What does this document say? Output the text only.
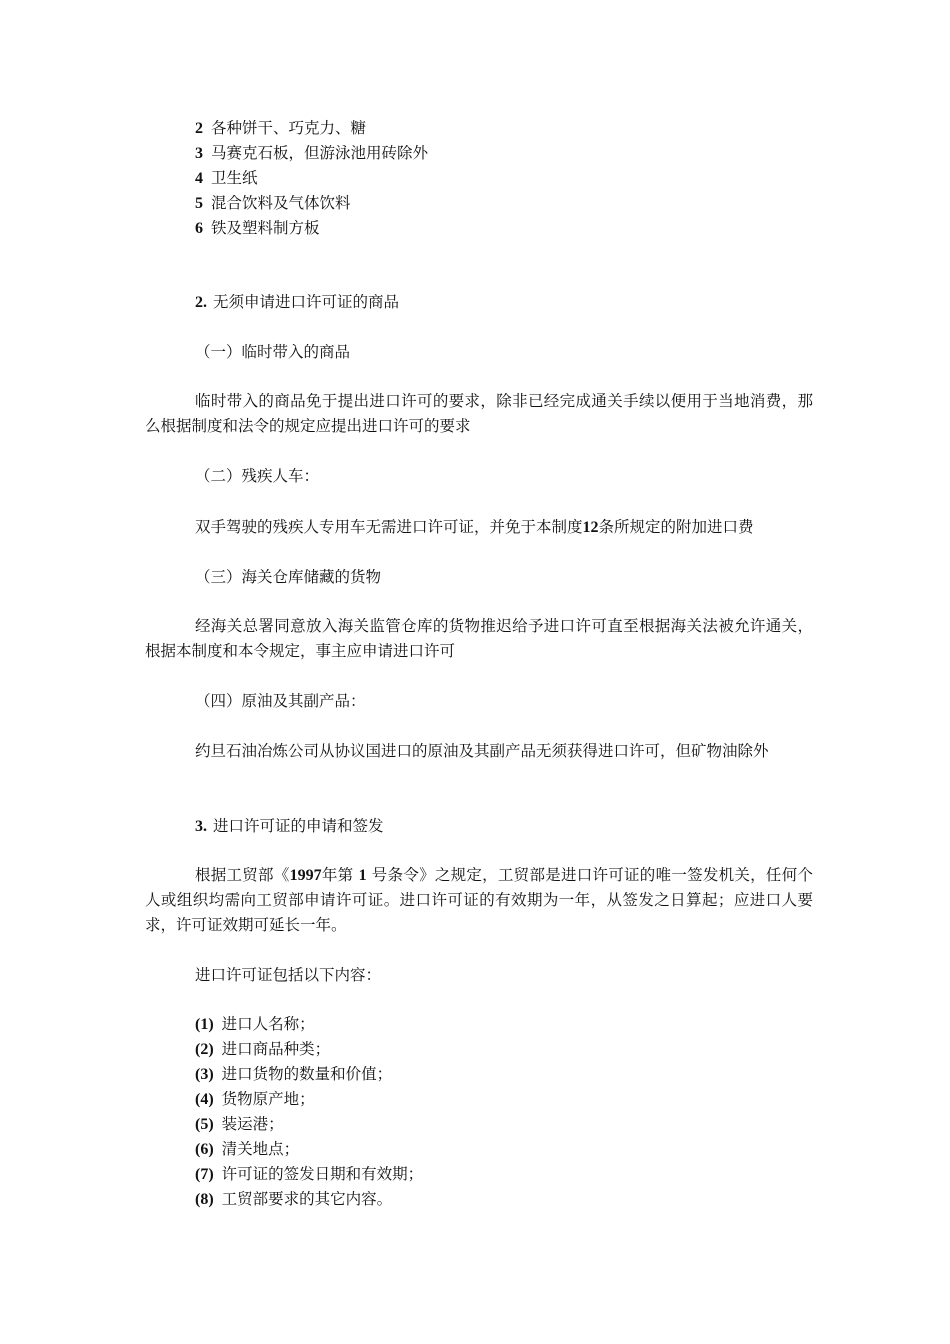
2 各种饼干、巧克力、糖
3 马赛克石板，但游泳池用砖除外
4 卫生纸
5 混合饮料及气体饮料
6 铁及塑料制方板
2. 无须申请进口许可证的商品
（一）临时带入的商品
临时带入的商品免于提出进口许可的要求，除非已经完成通关手续以便用于当地消费，那么根据制度和法令的规定应提出进口许可的要求
（二）残疾人车：
双手驾驶的残疾人专用车无需进口许可证，并免于本制度12条所规定的附加进口费
（三）海关仓库储藏的货物
经海关总署同意放入海关监管仓库的货物推迟给予进口许可直至根据海关法被允许通关，根据本制度和本令规定，事主应申请进口许可
（四）原油及其副产品：
约旦石油冶炼公司从协议国进口的原油及其副产品无须获得进口许可，但矿物油除外
3. 进口许可证的申请和签发
根据工贸部《1997年第 1 号条令》之规定，工贸部是进口许可证的唯一签发机关，任何个人或组织均需向工贸部申请许可证。进口许可证的有效期为一年，从签发之日算起；应进口人要求，许可证效期可延长一年。
进口许可证包括以下内容：
(1) 进口人名称；
(2) 进口商品种类；
(3) 进口货物的数量和价值；
(4) 货物原产地；
(5) 装运港；
(6) 清关地点；
(7) 许可证的签发日期和有效期；
(8) 工贸部要求的其它内容。
